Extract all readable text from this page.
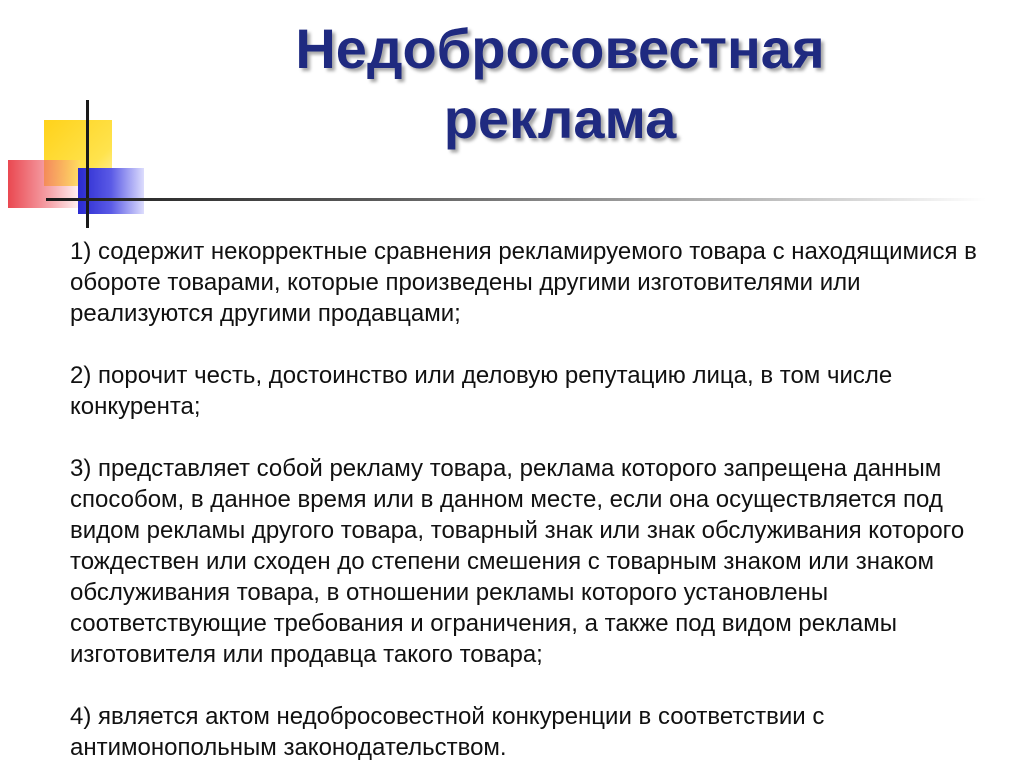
Недобросовестная
реклама

1) содержит некорректные сравнения рекламируемого товара с находящимися в обороте товарами, которые произведены другими изготовителями или реализуются другими продавцами;

2) порочит честь, достоинство или деловую репутацию лица, в том числе конкурента;

3) представляет собой рекламу товара, реклама которого запрещена данным способом, в данное время или в данном месте, если она осуществляется под видом рекламы другого товара, товарный знак или знак обслуживания которого тождествен или сходен до степени смешения с товарным знаком или знаком обслуживания товара, в отношении рекламы которого установлены соответствующие требования и ограничения, а также под видом рекламы изготовителя или продавца такого товара;

4) является актом недобросовестной конкуренции в соответствии с антимонопольным законодательством.
